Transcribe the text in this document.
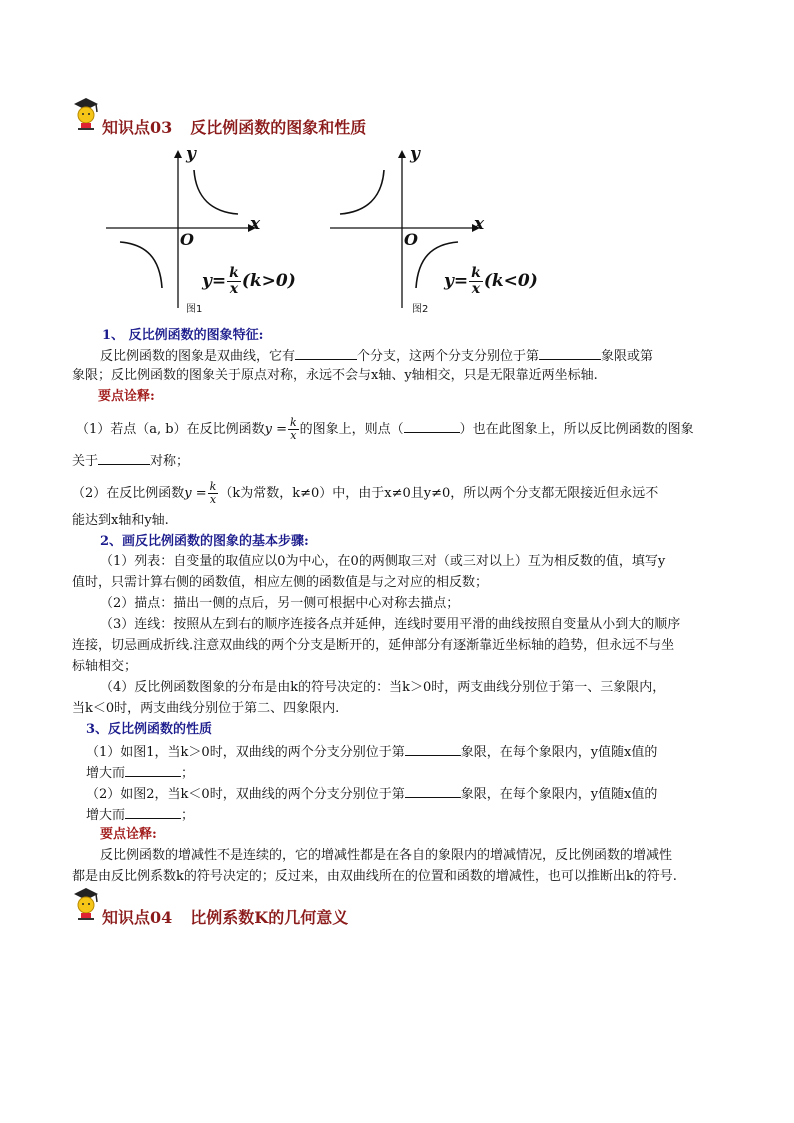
知识点03 反比例函数的图象和性质
y
x
O
$y= \frac{k}{x} (k>0)$
图1
y
x
O
$y= \frac{k}{x} (k<0)$
图2
1、 反比例函数的图象特征:
反比例函数的图象是双曲线，它有	个分支，这两个分支分别位于第	象限或第
象限；反比例函数的图象关于原点对称，永远不会与x轴、y轴相交，只是无限靠近两坐标轴.
要点诠释:
（1）若点（a, b）在反比例函数$y = \frac{k}{x}$ 的图象上，则点（	）也在此图象上，所以反比例函数的图象
关于	对称；
（2）在反比例函数$y = \frac{k}{x} (k$为常数，k≠0）中，由于x≠0且y≠0，所以两个分支都无限接近但永远不
能达到x轴和y轴.
2、画反比例函数的图象的基本步骤:
（1）列表：自变量的取值应以0为中心，在0的两侧取三对（或三对以上）互为相反数的值，填写y
值时，只需计算右侧的函数值，相应左侧的函数值是与之对应的相反数；
（2）描点：描出一侧的点后，另一侧可根据中心对称去描点；
（3）连线：按照从左到右的顺序连接各点并延伸，连线时要用平滑的曲线按照自变量从小到大的顺序
连接，切忌画成折线.注意双曲线的两个分支是断开的，延伸部分有逐渐靠近坐标轴的趋势，但永远不与坐
标轴相交；
（4）反比例函数图象的分布是由k的符号决定的：当k＞0时，两支曲线分别位于第一、三象限内，
当k＜0时，两支曲线分别位于第二、四象限内.
3、反比例函数的性质
（1）如图1，当k＞0时，双曲线的两个分支分别位于第	象限，在每个象限内，y值随x值的
增大而	；
（2）如图2，当k＜0时，双曲线的两个分支分别位于第	象限，在每个象限内，y值随x值的
增大而	；
要点诠释:
反比例函数的增减性不是连续的，它的增减性都是在各自的象限内的增减情况，反比例函数的增减性
都是由反比例系数k的符号决定的；反过来，由双曲线所在的位置和函数的增减性，也可以推断出k的符号.
知识点04 比例系数K的几何意义
